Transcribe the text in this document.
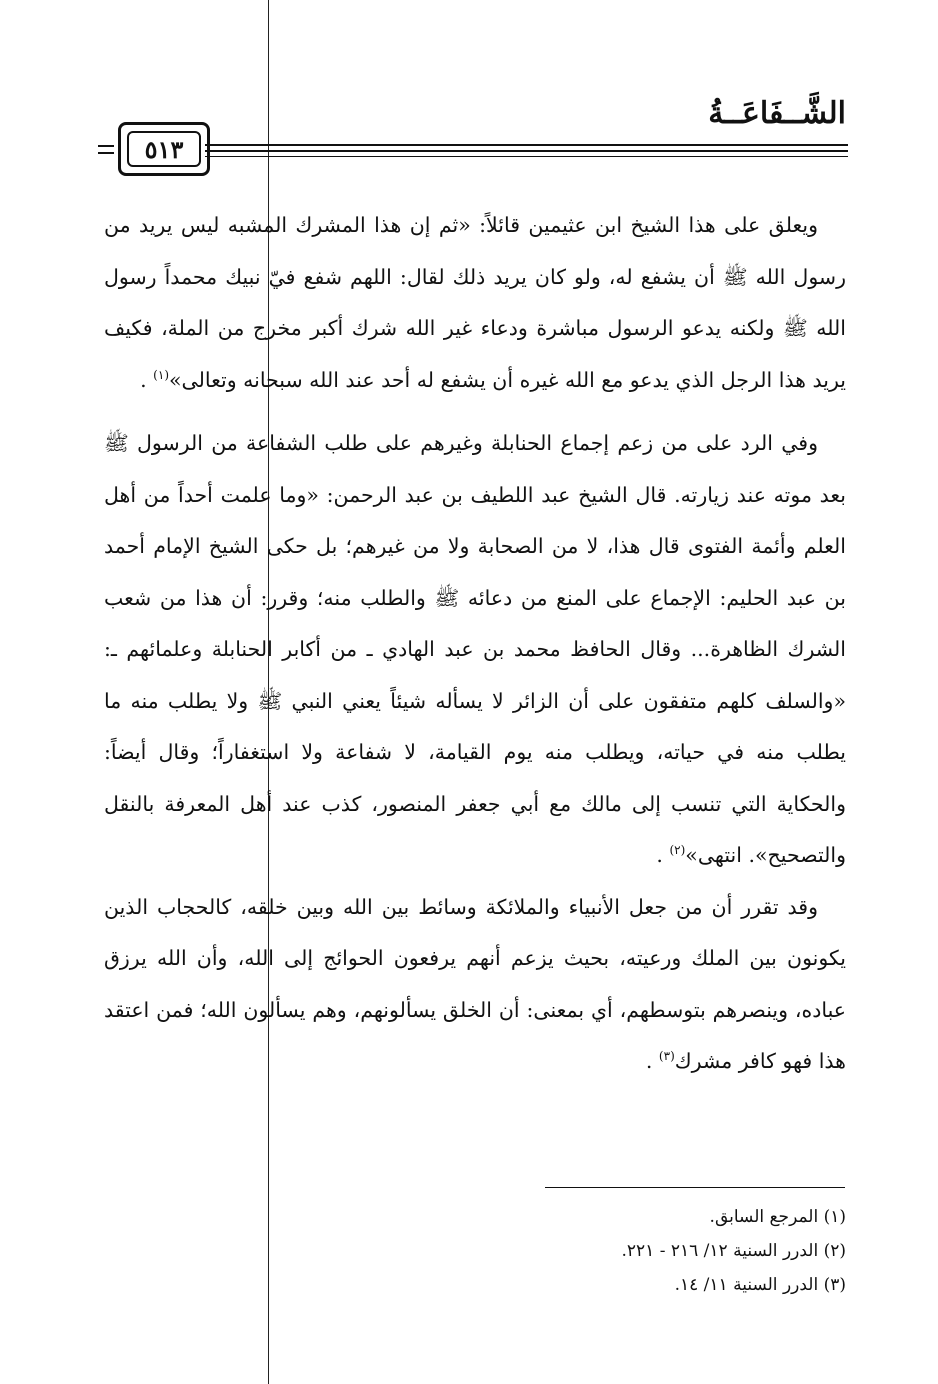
الشَّــفَاعَــةُ
٥١٣

ويعلق على هذا الشيخ ابن عثيمين قائلاً: «ثم إن هذا المشرك المشبه ليس يريد من رسول الله ﷺ أن يشفع له، ولو كان يريد ذلك لقال: اللهم شفع فيّ نبيك محمداً رسول الله ﷺ ولكنه يدعو الرسول مباشرة ودعاء غير الله شرك أكبر مخرج من الملة، فكيف يريد هذا الرجل الذي يدعو مع الله غيره أن يشفع له أحد عند الله سبحانه وتعالى»$^{(١)}$ .

وفي الرد على من زعم إجماع الحنابلة وغيرهم على طلب الشفاعة من الرسول ﷺ بعد موته عند زيارته. قال الشيخ عبد اللطيف بن عبد الرحمن: «وما علمت أحداً من أهل العلم وأئمة الفتوى قال هذا، لا من الصحابة ولا من غيرهم؛ بل حكى الشيخ الإمام أحمد بن عبد الحليم: الإجماع على المنع من دعائه ﷺ والطلب منه؛ وقرر: أن هذا من شعب الشرك الظاهرة... وقال الحافظ محمد بن عبد الهادي ـ من أكابر الحنابلة وعلمائهم ـ: «والسلف كلهم متفقون على أن الزائر لا يسأله شيئاً يعني النبي ﷺ ولا يطلب منه ما يطلب منه في حياته، ويطلب منه يوم القيامة، لا شفاعة ولا استغفاراً؛ وقال أيضاً: والحكاية التي تنسب إلى مالك مع أبي جعفر المنصور، كذب عند أهل المعرفة بالنقل والتصحيح». انتهى»$^{(٢)}$ .

وقد تقرر أن من جعل الأنبياء والملائكة وسائط بين الله وبين خلقه، كالحجاب الذين يكونون بين الملك ورعيته، بحيث يزعم أنهم يرفعون الحوائج إلى الله، وأن الله يرزق عباده، وينصرهم بتوسطهم، أي بمعنى: أن الخلق يسألونهم، وهم يسألون الله؛ فمن اعتقد هذا فهو كافر مشرك$^{(٣)}$ .

(١) المرجع السابق.

(٢) الدرر السنية ١٢/ ٢١٦ - ٢٢١.

(٣) الدرر السنية ١١/ ١٤.
